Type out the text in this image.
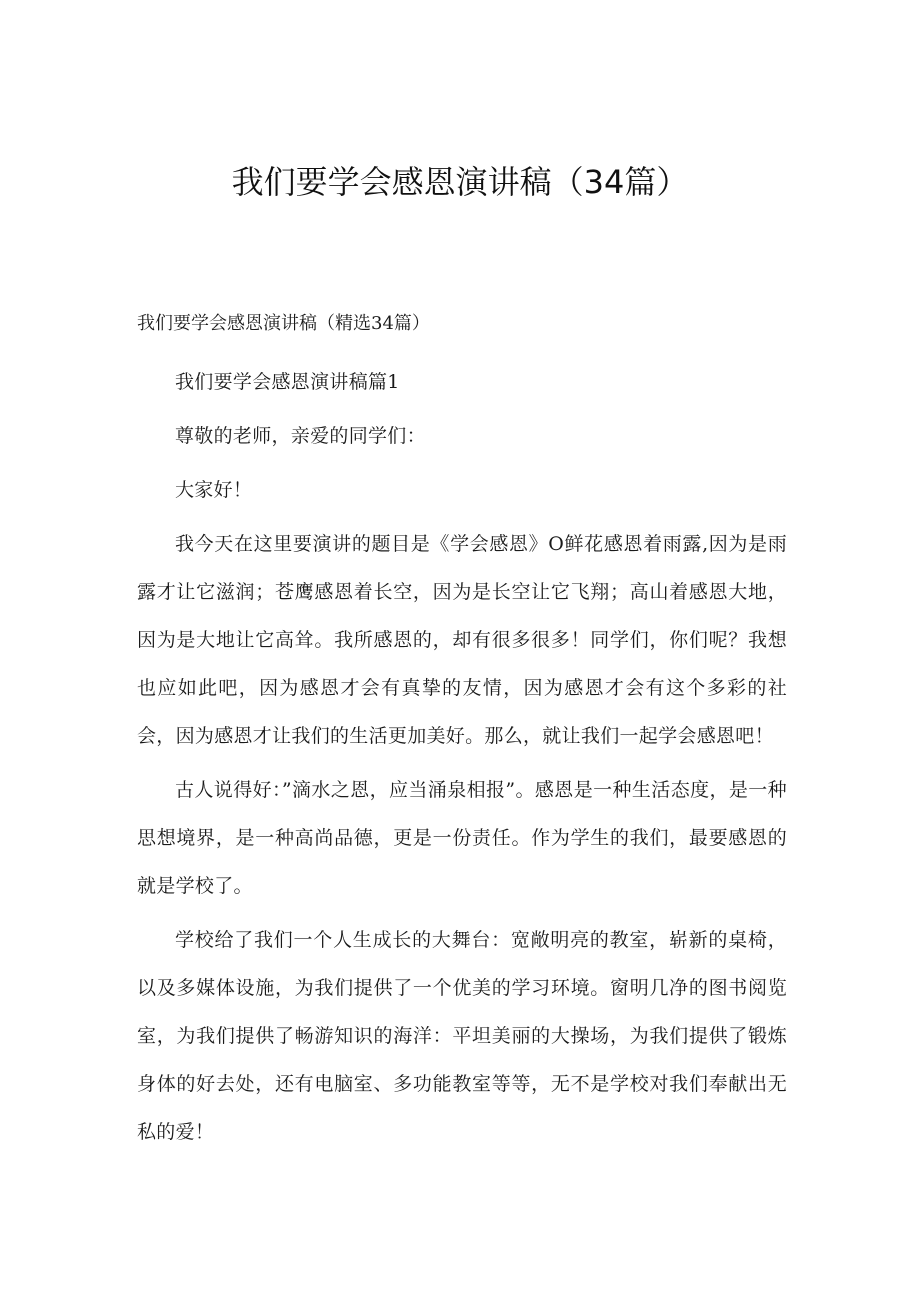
我们要学会感恩演讲稿（34篇）

我们要学会感恩演讲稿（精选34篇）

我们要学会感恩演讲稿篇1

尊敬的老师，亲爱的同学们：

大家好！

我今天在这里要演讲的题目是《学会感恩》O鲜花感恩着雨露,因为是雨露才让它滋润；苍鹰感恩着长空，因为是长空让它飞翔；高山着感恩大地，因为是大地让它高耸。我所感恩的，却有很多很多！同学们，你们呢？我想也应如此吧，因为感恩才会有真挚的友情，因为感恩才会有这个多彩的社会，因为感恩才让我们的生活更加美好。那么，就让我们一起学会感恩吧！

古人说得好：”滴水之恩，应当涌泉相报”。感恩是一种生活态度，是一种思想境界，是一种高尚品德，更是一份责任。作为学生的我们，最要感恩的就是学校了。

学校给了我们一个人生成长的大舞台：宽敞明亮的教室，崭新的桌椅，以及多媒体设施，为我们提供了一个优美的学习环境。窗明几净的图书阅览室，为我们提供了畅游知识的海洋：平坦美丽的大操场，为我们提供了锻炼身体的好去处，还有电脑室、多功能教室等等，无不是学校对我们奉献出无私的爱！
